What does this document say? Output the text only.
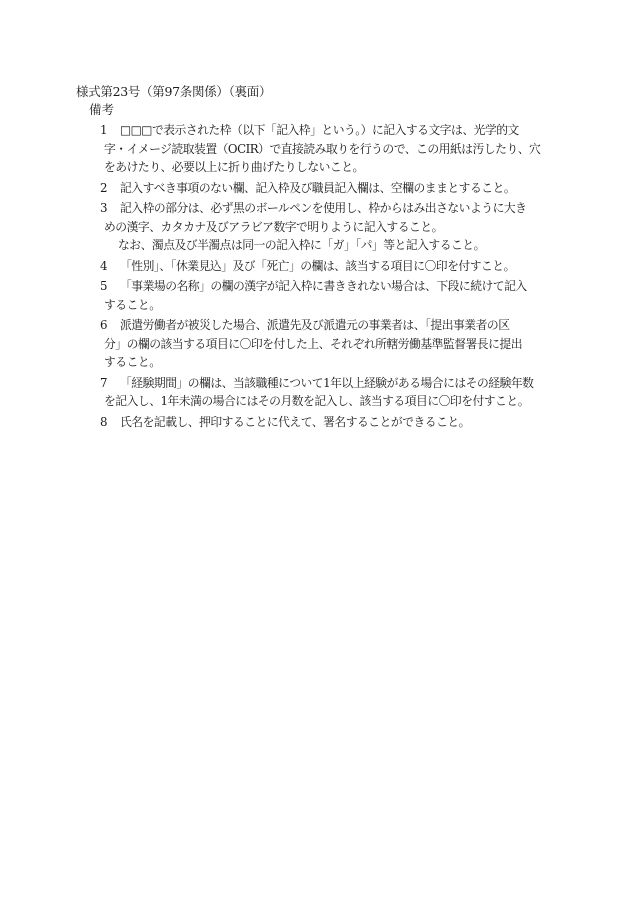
様式第23号（第97条関係）（裏面）
備考
1 □□□で表示された枠（以下「記入枠」という。）に記入する文字は、光学的文
字・イメージ読取装置（OCIR）で直接読み取りを行うので、この用紙は汚したり、穴
をあけたり、必要以上に折り曲げたりしないこと。
2 記入すべき事項のない欄、記入枠及び職員記入欄は、空欄のままとすること。
3 記入枠の部分は、必ず黒のボールペンを使用し、枠からはみ出さないように大き
めの漢字、カタカナ及びアラビア数字で明りように記入すること。
なお、濁点及び半濁点は同一の記入枠に「ガ」「パ」等と記入すること。
4 「性別」、「休業見込」及び「死亡」の欄は、該当する項目に〇印を付すこと。
5 「事業場の名称」の欄の漢字が記入枠に書ききれない場合は、下段に続けて記入
すること。
6 派遣労働者が被災した場合、派遣先及び派遣元の事業者は、「提出事業者の区
分」の欄の該当する項目に〇印を付した上、それぞれ所轄労働基準監督署長に提出
すること。
7 「経験期間」の欄は、当該職種について1年以上経験がある場合にはその経験年数
を記入し、1年未満の場合にはその月数を記入し、該当する項目に〇印を付すこと。
8 氏名を記載し、押印することに代えて、署名することができること。
